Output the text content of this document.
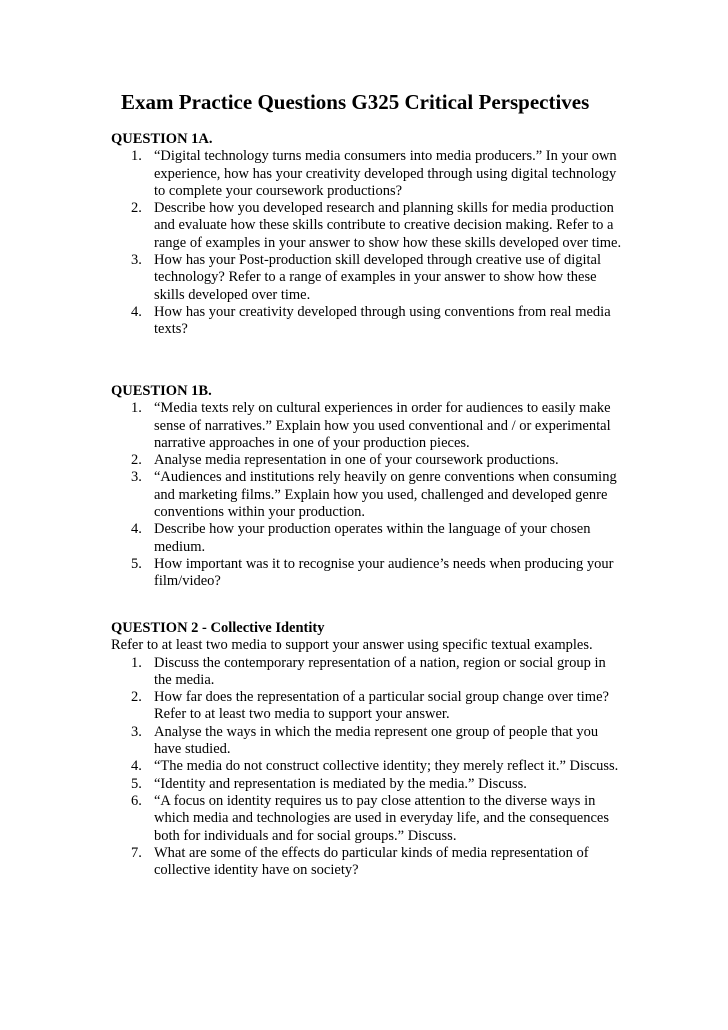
Exam Practice Questions G325 Critical Perspectives
QUESTION 1A.
1. “Digital technology turns media consumers into media producers.” In your own experience, how has your creativity developed through using digital technology to complete your coursework productions?
2. Describe how you developed research and planning skills for media production and evaluate how these skills contribute to creative decision making. Refer to a range of examples in your answer to show how these skills developed over time.
3. How has your Post-production skill developed through creative use of digital technology? Refer to a range of examples in your answer to show how these skills developed over time.
4. How has your creativity developed through using conventions from real media texts?
QUESTION 1B.
1. “Media texts rely on cultural experiences in order for audiences to easily make sense of narratives.” Explain how you used conventional and / or experimental narrative approaches in one of your production pieces.
2. Analyse media representation in one of your coursework productions.
3. “Audiences and institutions rely heavily on genre conventions when consuming and marketing films.” Explain how you used, challenged and developed genre conventions within your production.
4. Describe how your production operates within the language of your chosen medium.
5. How important was it to recognise your audience’s needs when producing your film/video?
QUESTION 2 - Collective Identity
Refer to at least two media to support your answer using specific textual examples.
1. Discuss the contemporary representation of a nation, region or social group in the media.
2. How far does the representation of a particular social group change over time? Refer to at least two media to support your answer.
3. Analyse the ways in which the media represent one group of people that you have studied.
4. “The media do not construct collective identity; they merely reflect it.” Discuss.
5. “Identity and representation is mediated by the media.” Discuss.
6. “A focus on identity requires us to pay close attention to the diverse ways in which media and technologies are used in everyday life, and the consequences both for individuals and for social groups.” Discuss.
7. What are some of the effects do particular kinds of media representation of collective identity have on society?
